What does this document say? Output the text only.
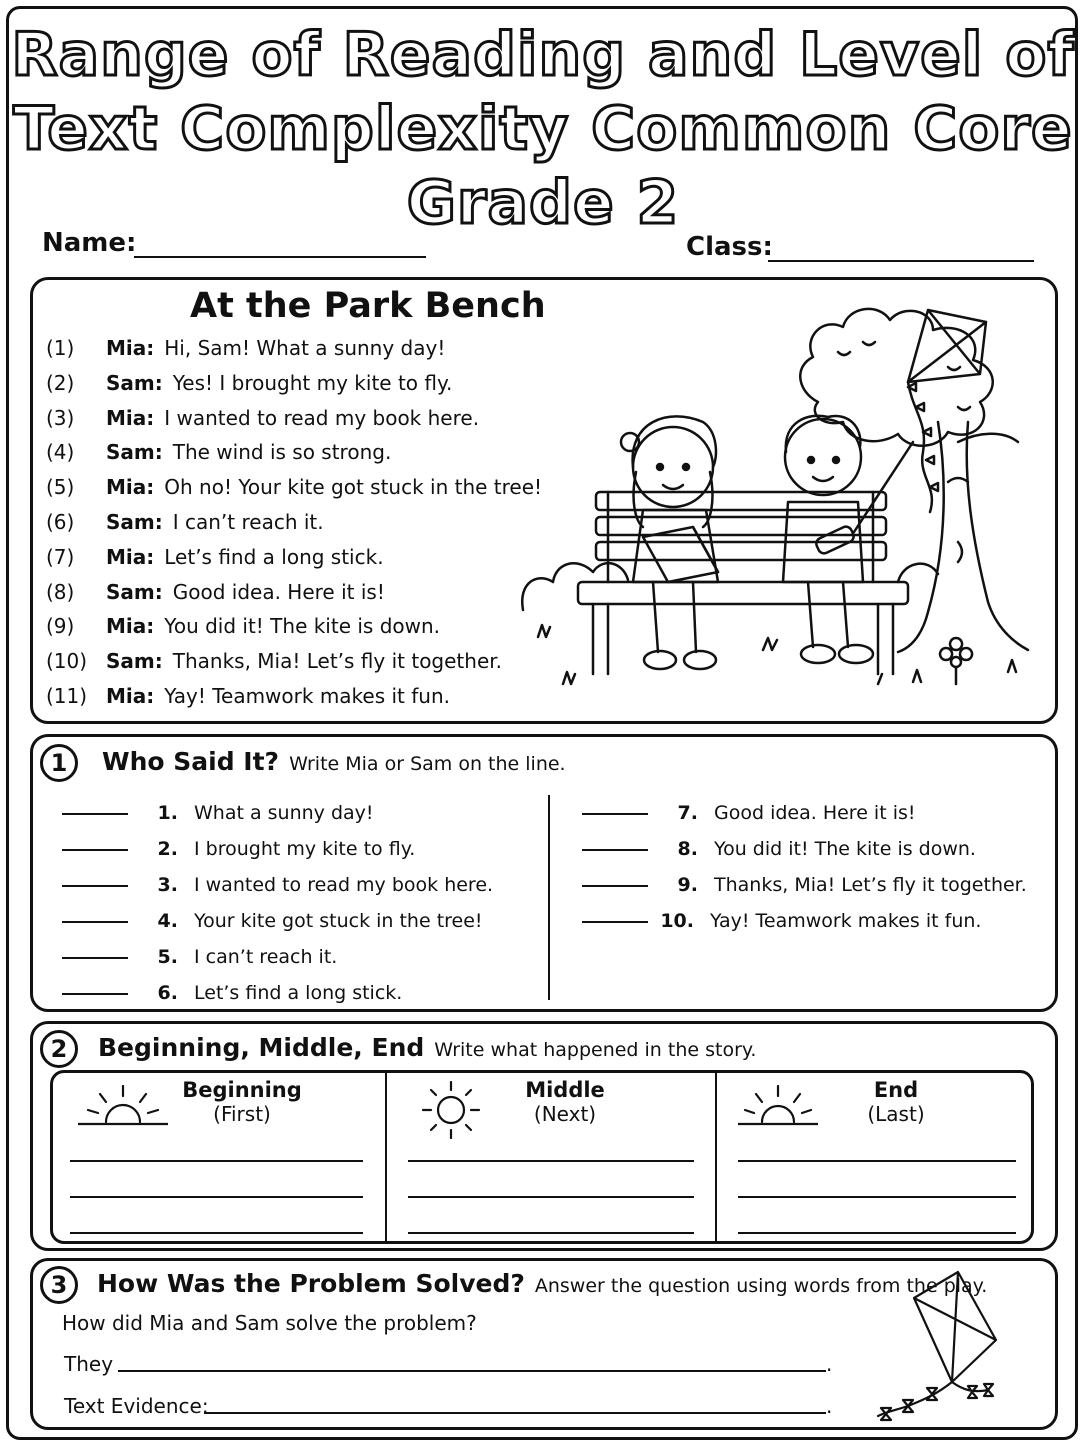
Range of Reading and Level of
Text Complexity Common Core
Grade 2
Name:	Class:
At the Park Bench
(1) Mia: Hi, Sam! What a sunny day!
(2) Sam: Yes! I brought my kite to fly.
(3) Mia: I wanted to read my book here.
(4) Sam: The wind is so strong.
(5) Mia: Oh no! Your kite got stuck in the tree!
(6) Sam: I can’t reach it.
(7) Mia: Let’s find a long stick.
(8) Sam: Good idea. Here it is!
(9) Mia: You did it! The kite is down.
(10) Sam: Thanks, Mia! Let’s fly it together.
(11) Mia: Yay! Teamwork makes it fun.
1	Who Said It? Write Mia or Sam on the line.
1. What a sunny day!
2. I brought my kite to fly.
3. I wanted to read my book here.
4. Your kite got stuck in the tree!
5. I can’t reach it.
6. Let’s find a long stick.
7. Good idea. Here it is!
8. You did it! The kite is down.
9. Thanks, Mia! Let’s fly it together.
10. Yay! Teamwork makes it fun.
2	Beginning, Middle, End Write what happened in the story.
Beginning
(First)
Middle
(Next)
End
(Last)
3	How Was the Problem Solved? Answer the question using words from the play.
How did Mia and Sam solve the problem?
They	.
Text Evidence:	.
